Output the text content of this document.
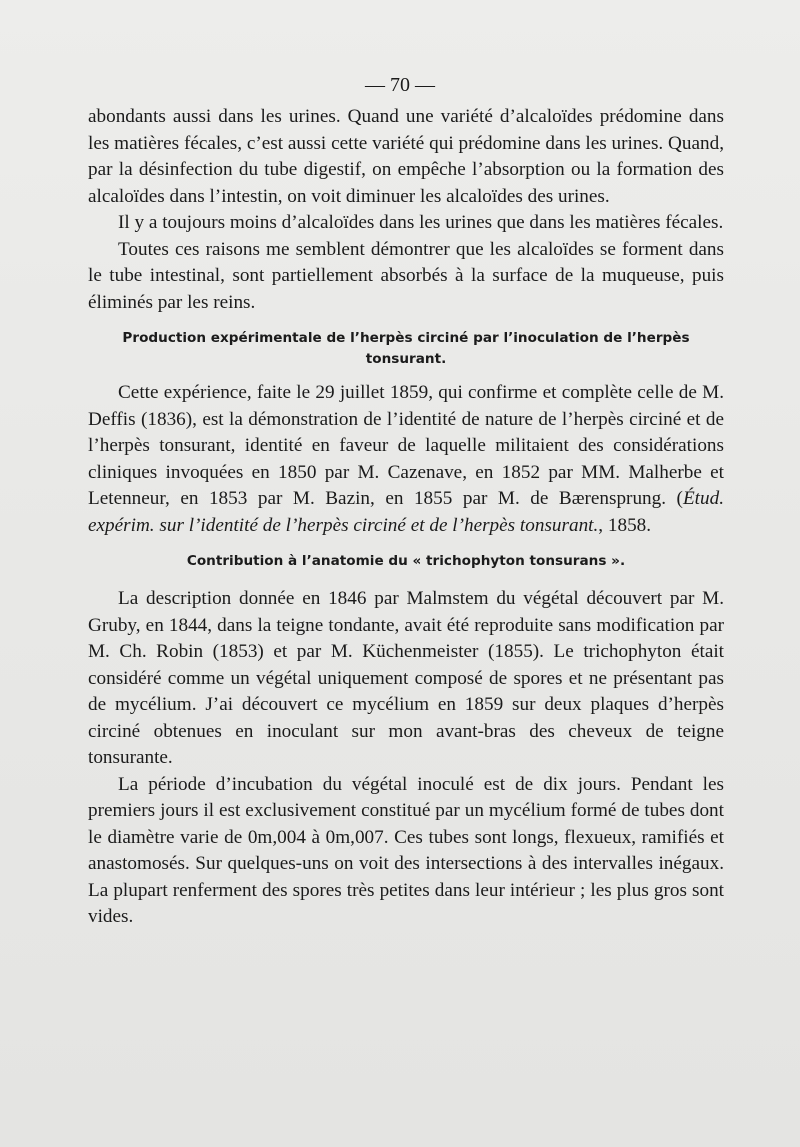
— 70 —

abondants aussi dans les urines. Quand une variété d’alcaloïdes prédomine dans les matières fécales, c’est aussi cette variété qui prédomine dans les urines. Quand, par la désinfection du tube digestif, on empêche l’absorption ou la formation des alcaloïdes dans l’intestin, on voit diminuer les alcaloïdes des urines.

Il y a toujours moins d’alcaloïdes dans les urines que dans les matières fécales.

Toutes ces raisons me semblent démontrer que les alcaloïdes se forment dans le tube intestinal, sont partiellement absorbés à la surface de la muqueuse, puis éliminés par les reins.

Production expérimentale de l’herpès circiné par l’inoculation de l’herpès tonsurant.

Cette expérience, faite le 29 juillet 1859, qui confirme et complète celle de M. Deffis (1836), est la démonstration de l’identité de nature de l’herpès circiné et de l’herpès tonsurant, identité en faveur de laquelle militaient des considérations cliniques invoquées en 1850 par M. Cazenave, en 1852 par MM. Malherbe et Letenneur, en 1853 par M. Bazin, en 1855 par M. de Bærensprung. (Étud. expérim. sur l’identité de l’herpès circiné et de l’herpès tonsurant., 1858.

Contribution à l’anatomie du « trichophyton tonsurans ».

La description donnée en 1846 par Malmstem du végétal découvert par M. Gruby, en 1844, dans la teigne tondante, avait été reproduite sans modification par M. Ch. Robin (1853) et par M. Küchenmeister (1855). Le trichophyton était considéré comme un végétal uniquement composé de spores et ne présentant pas de mycélium. J’ai découvert ce mycélium en 1859 sur deux plaques d’herpès circiné obtenues en inoculant sur mon avant-bras des cheveux de teigne tonsurante.

La période d’incubation du végétal inoculé est de dix jours. Pendant les premiers jours il est exclusivement constitué par un mycélium formé de tubes dont le diamètre varie de 0m,004 à 0m,007. Ces tubes sont longs, flexueux, ramifiés et anastomosés. Sur quelques-uns on voit des intersections à des intervalles inégaux. La plupart renferment des spores très petites dans leur intérieur ; les plus gros sont vides.
